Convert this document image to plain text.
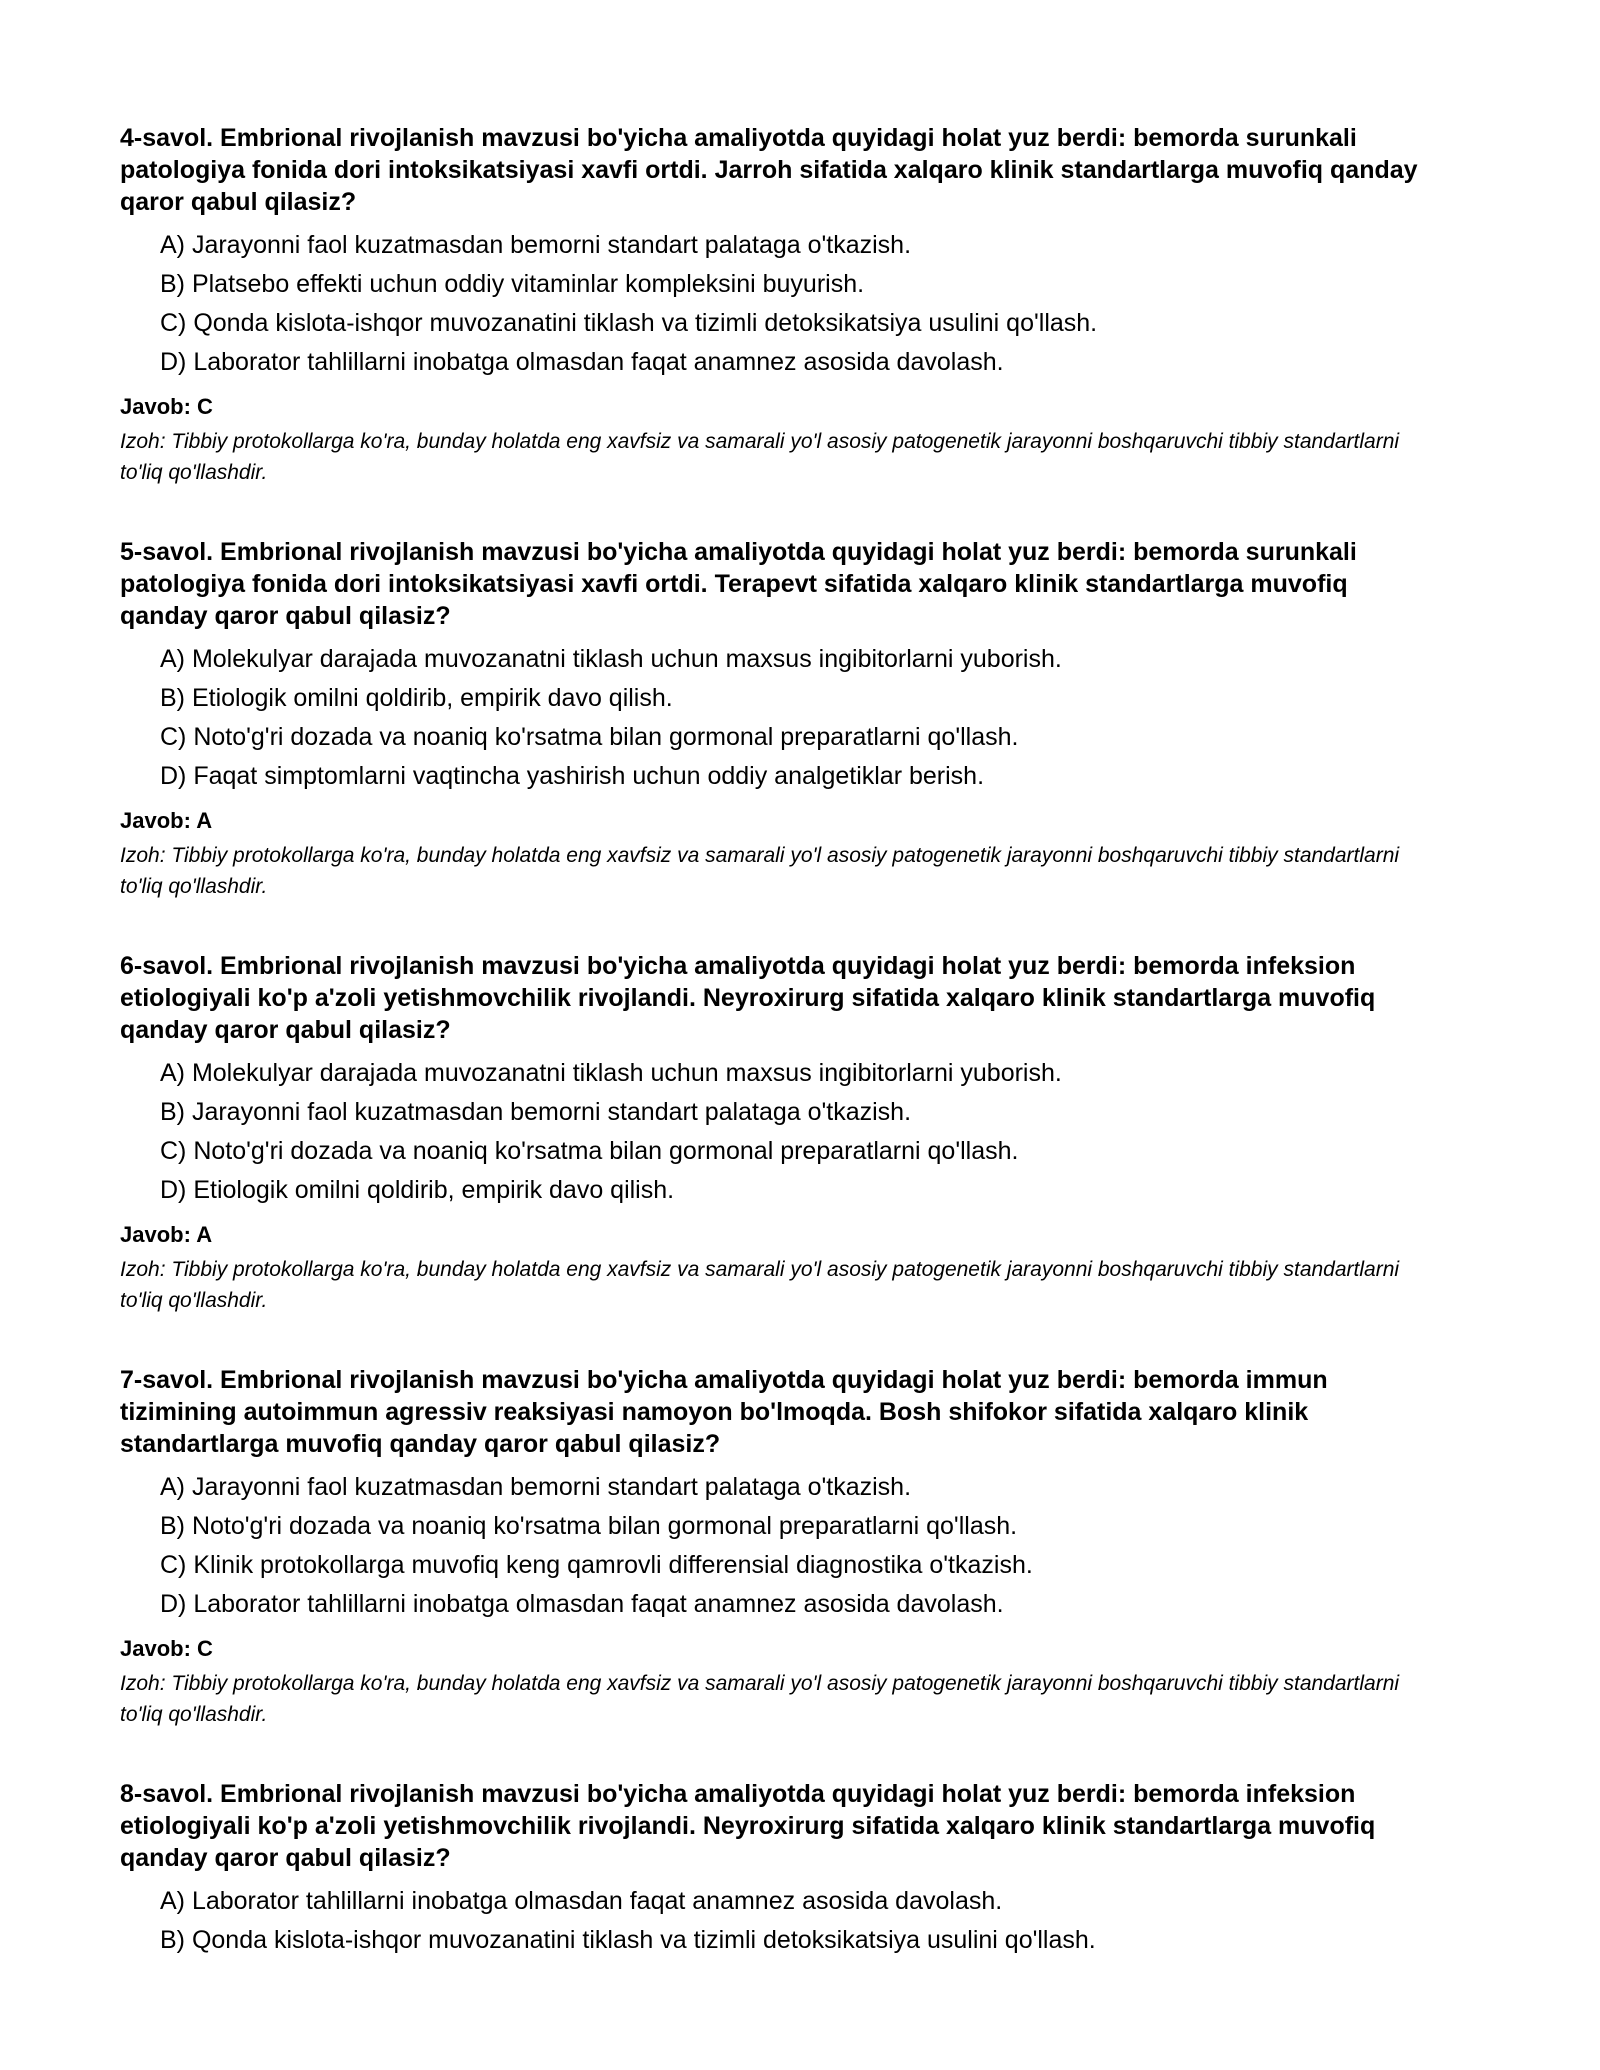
4-savol. Embrional rivojlanish mavzusi bo'yicha amaliyotda quyidagi holat yuz berdi: bemorda surunkali patologiya fonida dori intoksikatsiyasi xavfi ortdi. Jarroh sifatida xalqaro klinik standartlarga muvofiq qanday qaror qabul qilasiz?

A) Jarayonni faol kuzatmasdan bemorni standart palataga o'tkazish.
B) Platsebo effekti uchun oddiy vitaminlar kompleksini buyurish.
C) Qonda kislota-ishqor muvozanatini tiklash va tizimli detoksikatsiya usulini qo'llash.
D) Laborator tahlillarni inobatga olmasdan faqat anamnez asosida davolash.

Javob: C

Izoh: Tibbiy protokollarga ko'ra, bunday holatda eng xavfsiz va samarali yo'l asosiy patogenetik jarayonni boshqaruvchi tibbiy standartlarni to'liq qo'llashdir.

5-savol. Embrional rivojlanish mavzusi bo'yicha amaliyotda quyidagi holat yuz berdi: bemorda surunkali patologiya fonida dori intoksikatsiyasi xavfi ortdi. Terapevt sifatida xalqaro klinik standartlarga muvofiq qanday qaror qabul qilasiz?

A) Molekulyar darajada muvozanatni tiklash uchun maxsus ingibitorlarni yuborish.
B) Etiologik omilni qoldirib, empirik davo qilish.
C) Noto'g'ri dozada va noaniq ko'rsatma bilan gormonal preparatlarni qo'llash.
D) Faqat simptomlarni vaqtincha yashirish uchun oddiy analgetiklar berish.

Javob: A

Izoh: Tibbiy protokollarga ko'ra, bunday holatda eng xavfsiz va samarali yo'l asosiy patogenetik jarayonni boshqaruvchi tibbiy standartlarni to'liq qo'llashdir.

6-savol. Embrional rivojlanish mavzusi bo'yicha amaliyotda quyidagi holat yuz berdi: bemorda infeksion etiologiyali ko'p a'zoli yetishmovchilik rivojlandi. Neyroxirurg sifatida xalqaro klinik standartlarga muvofiq qanday qaror qabul qilasiz?

A) Molekulyar darajada muvozanatni tiklash uchun maxsus ingibitorlarni yuborish.
B) Jarayonni faol kuzatmasdan bemorni standart palataga o'tkazish.
C) Noto'g'ri dozada va noaniq ko'rsatma bilan gormonal preparatlarni qo'llash.
D) Etiologik omilni qoldirib, empirik davo qilish.

Javob: A

Izoh: Tibbiy protokollarga ko'ra, bunday holatda eng xavfsiz va samarali yo'l asosiy patogenetik jarayonni boshqaruvchi tibbiy standartlarni to'liq qo'llashdir.

7-savol. Embrional rivojlanish mavzusi bo'yicha amaliyotda quyidagi holat yuz berdi: bemorda immun tizimining autoimmun agressiv reaksiyasi namoyon bo'lmoqda. Bosh shifokor sifatida xalqaro klinik standartlarga muvofiq qanday qaror qabul qilasiz?

A) Jarayonni faol kuzatmasdan bemorni standart palataga o'tkazish.
B) Noto'g'ri dozada va noaniq ko'rsatma bilan gormonal preparatlarni qo'llash.
C) Klinik protokollarga muvofiq keng qamrovli differensial diagnostika o'tkazish.
D) Laborator tahlillarni inobatga olmasdan faqat anamnez asosida davolash.

Javob: C

Izoh: Tibbiy protokollarga ko'ra, bunday holatda eng xavfsiz va samarali yo'l asosiy patogenetik jarayonni boshqaruvchi tibbiy standartlarni to'liq qo'llashdir.

8-savol. Embrional rivojlanish mavzusi bo'yicha amaliyotda quyidagi holat yuz berdi: bemorda infeksion etiologiyali ko'p a'zoli yetishmovchilik rivojlandi. Neyroxirurg sifatida xalqaro klinik standartlarga muvofiq qanday qaror qabul qilasiz?

A) Laborator tahlillarni inobatga olmasdan faqat anamnez asosida davolash.
B) Qonda kislota-ishqor muvozanatini tiklash va tizimli detoksikatsiya usulini qo'llash.
